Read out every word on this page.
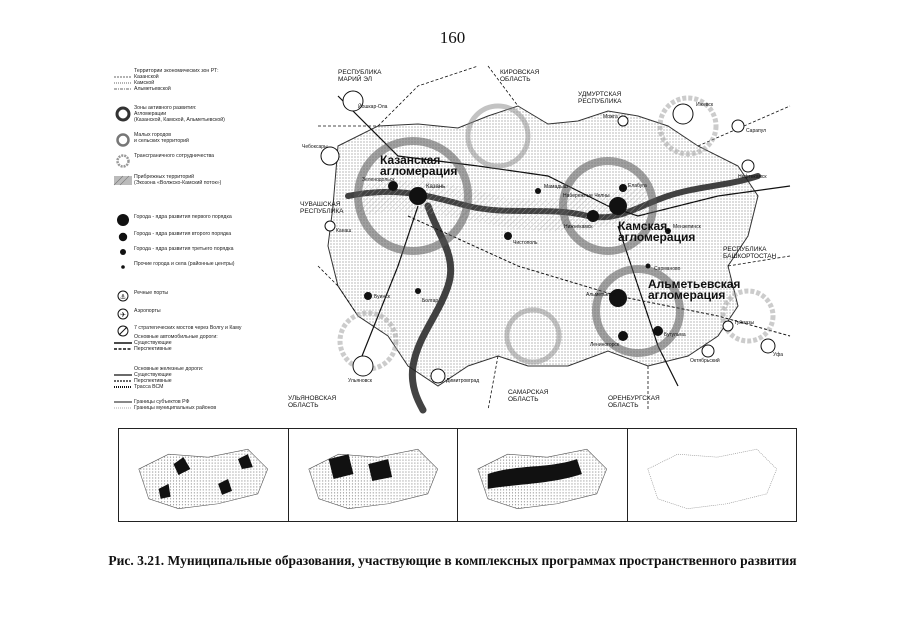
160
Территории экономических зон РТ:
Казанской
Камской
Альметьевской
Зоны активного развития:
Агломерации
(Казанской, Камской, Альметьевской)
Малых городов
и сельских территорий
Трансграничного сотрудничества
Прибрежных территорий
(Экозона «Волжско-Камский поток»)
Города - ядра развития первого порядка
Города - ядра развития второго порядка
Города - ядра развития третьего порядка
Прочие города и села (районные центры)
⚓
Речные порты
✈
Аэропорты
7 стратегических мостов через Волгу и Каму
Основные автомобильные дороги:
Существующие
Перспективные
Основные железные дороги:
Существующие
Перспективные
Трасса ВСМ
Границы субъектов РФ
Границы муниципальных районов
РЕСПУБЛИКА МАРИЙ ЭЛ
КИРОВСКАЯ ОБЛАСТЬ
УДМУРТСКАЯ РЕСПУБЛИКА
ЧУВАШСКАЯ РЕСПУБЛИКА
РЕСПУБЛИКА БАШКОРТОСТАН
УЛЬЯНОВСКАЯ ОБЛАСТЬ
САМАРСКАЯ ОБЛАСТЬ	ОРЕНБУРГСКАЯ ОБЛАСТЬ
Казанская агломерация
Камская агломерация
Альметьевская агломерация
Йошкар-Ола
Чебоксары
Казань
Зеленодольск
Набережные Челны
Нижнекамск
Елабуга
Можга
Ижевск
Сарапул
Нефтекамск
Альметьевск
Бугульма
Лениногорск
Буинск
Ульяновск	Димитровград
Чистополь
Мамадыш
Уфа
Октябрьский
Туймазы
Канаш
Болгар
Сарманово
Мензелинск
Рис. 3.21. Муниципальные образования, участвующие в комплексных программах пространственного развития
